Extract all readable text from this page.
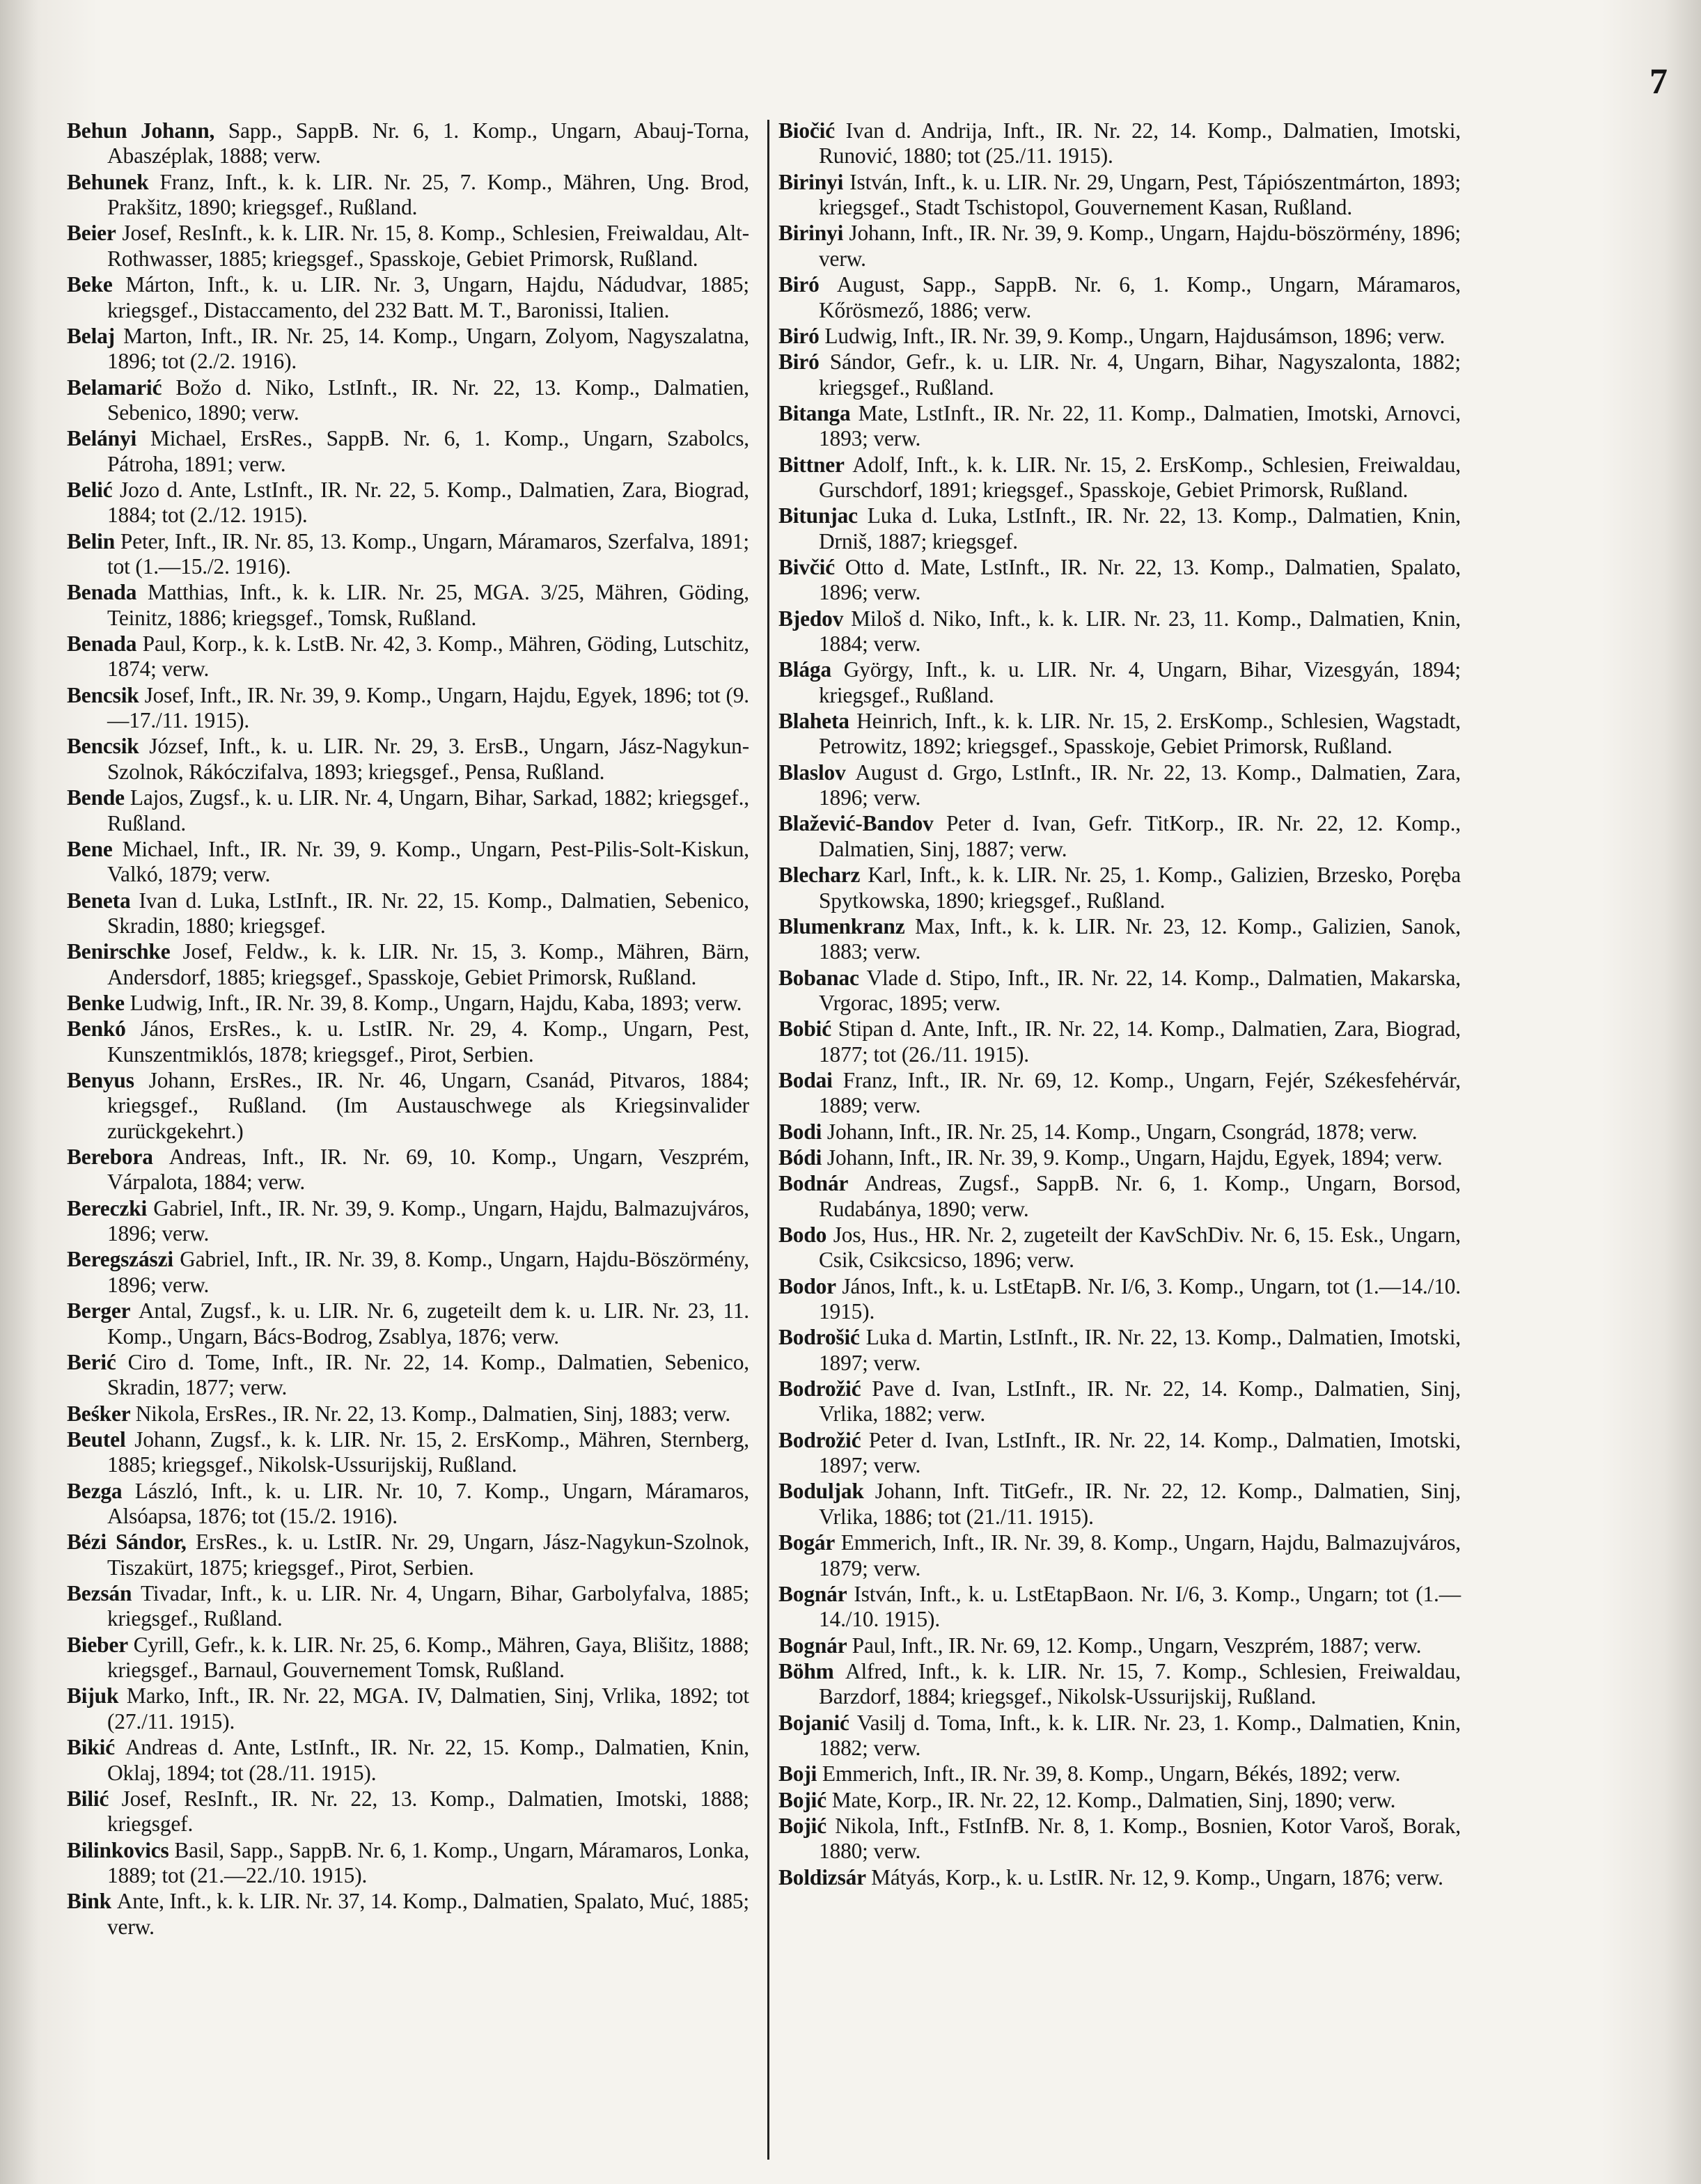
7

Behun Johann, Sapp., SappB. Nr. 6, 1. Komp., Ungarn, Abauj-Torna, Abaszéplak, 1888; verw.

Behunek Franz, Inft., k. k. LIR. Nr. 25, 7. Komp., Mähren, Ung. Brod, Prakšitz, 1890; kriegsgef., Rußland.

Beier Josef, ResInft., k. k. LIR. Nr. 15, 8. Komp., Schlesien, Freiwaldau, Alt-Rothwasser, 1885; kriegsgef., Spasskoje, Gebiet Primorsk, Rußland.

Beke Márton, Inft., k. u. LIR. Nr. 3, Ungarn, Hajdu, Nádudvar, 1885; kriegsgef., Distaccamento, del 232 Batt. M. T., Baronissi, Italien.

Belaj Marton, Inft., IR. Nr. 25, 14. Komp., Ungarn, Zolyom, Nagyszalatna, 1896; tot (2./2. 1916).

Belamarić Božo d. Niko, LstInft., IR. Nr. 22, 13. Komp., Dalmatien, Sebenico, 1890; verw.

Belányi Michael, ErsRes., SappB. Nr. 6, 1. Komp., Ungarn, Szabolcs, Pátroha, 1891; verw.

Belić Jozo d. Ante, LstInft., IR. Nr. 22, 5. Komp., Dalmatien, Zara, Biograd, 1884; tot (2./12. 1915).

Belin Peter, Inft., IR. Nr. 85, 13. Komp., Ungarn, Máramaros, Szerfalva, 1891; tot (1.—15./2. 1916).

Benada Matthias, Inft., k. k. LIR. Nr. 25, MGA. 3/25, Mähren, Göding, Teinitz, 1886; kriegsgef., Tomsk, Rußland.

Benada Paul, Korp., k. k. LstB. Nr. 42, 3. Komp., Mähren, Göding, Lutschitz, 1874; verw.

Bencsik Josef, Inft., IR. Nr. 39, 9. Komp., Ungarn, Hajdu, Egyek, 1896; tot (9.—17./11. 1915).

Bencsik József, Inft., k. u. LIR. Nr. 29, 3. ErsB., Ungarn, Jász-Nagykun-Szolnok, Rákóczifalva, 1893; kriegsgef., Pensa, Rußland.

Bende Lajos, Zugsf., k. u. LIR. Nr. 4, Ungarn, Bihar, Sarkad, 1882; kriegsgef., Rußland.

Bene Michael, Inft., IR. Nr. 39, 9. Komp., Ungarn, Pest-Pilis-Solt-Kiskun, Valkó, 1879; verw.

Beneta Ivan d. Luka, LstInft., IR. Nr. 22, 15. Komp., Dalmatien, Sebenico, Skradin, 1880; kriegsgef.

Benirschke Josef, Feldw., k. k. LIR. Nr. 15, 3. Komp., Mähren, Bärn, Andersdorf, 1885; kriegsgef., Spasskoje, Gebiet Primorsk, Rußland.

Benke Ludwig, Inft., IR. Nr. 39, 8. Komp., Ungarn, Hajdu, Kaba, 1893; verw.

Benkó János, ErsRes., k. u. LstIR. Nr. 29, 4. Komp., Ungarn, Pest, Kunszentmiklós, 1878; kriegsgef., Pirot, Serbien.

Benyus Johann, ErsRes., IR. Nr. 46, Ungarn, Csanád, Pitvaros, 1884; kriegsgef., Rußland. (Im Austauschwege als Kriegsinvalider zurückgekehrt.)

Berebora Andreas, Inft., IR. Nr. 69, 10. Komp., Ungarn, Veszprém, Várpalota, 1884; verw.

Bereczki Gabriel, Inft., IR. Nr. 39, 9. Komp., Ungarn, Hajdu, Balmazujváros, 1896; verw.

Beregszászi Gabriel, Inft., IR. Nr. 39, 8. Komp., Ungarn, Hajdu-Böszörmény, 1896; verw.

Berger Antal, Zugsf., k. u. LIR. Nr. 6, zugeteilt dem k. u. LIR. Nr. 23, 11. Komp., Ungarn, Bács-Bodrog, Zsablya, 1876; verw.

Berić Ciro d. Tome, Inft., IR. Nr. 22, 14. Komp., Dalmatien, Sebenico, Skradin, 1877; verw.

Beśker Nikola, ErsRes., IR. Nr. 22, 13. Komp., Dalmatien, Sinj, 1883; verw.

Beutel Johann, Zugsf., k. k. LIR. Nr. 15, 2. ErsKomp., Mähren, Sternberg, 1885; kriegsgef., Nikolsk-Ussurijskij, Rußland.

Bezga László, Inft., k. u. LIR. Nr. 10, 7. Komp., Ungarn, Máramaros, Alsóapsa, 1876; tot (15./2. 1916).

Bézi Sándor, ErsRes., k. u. LstIR. Nr. 29, Ungarn, Jász-Nagykun-Szolnok, Tiszakürt, 1875; kriegsgef., Pirot, Serbien.

Bezsán Tivadar, Inft., k. u. LIR. Nr. 4, Ungarn, Bihar, Garbolyfalva, 1885; kriegsgef., Rußland.

Bieber Cyrill, Gefr., k. k. LIR. Nr. 25, 6. Komp., Mähren, Gaya, Blišitz, 1888; kriegsgef., Barnaul, Gouvernement Tomsk, Rußland.

Bijuk Marko, Inft., IR. Nr. 22, MGA. IV, Dalmatien, Sinj, Vrlika, 1892; tot (27./11. 1915).

Bikić Andreas d. Ante, LstInft., IR. Nr. 22, 15. Komp., Dalmatien, Knin, Oklaj, 1894; tot (28./11. 1915).

Bilić Josef, ResInft., IR. Nr. 22, 13. Komp., Dalmatien, Imotski, 1888; kriegsgef.

Bilinkovics Basil, Sapp., SappB. Nr. 6, 1. Komp., Ungarn, Máramaros, Lonka, 1889; tot (21.—22./10. 1915).

Bink Ante, Inft., k. k. LIR. Nr. 37, 14. Komp., Dalmatien, Spalato, Muć, 1885; verw.

Biočić Ivan d. Andrija, Inft., IR. Nr. 22, 14. Komp., Dalmatien, Imotski, Runović, 1880; tot (25./11. 1915).

Birinyi István, Inft., k. u. LIR. Nr. 29, Ungarn, Pest, Tápiószentmárton, 1893; kriegsgef., Stadt Tschistopol, Gouvernement Kasan, Rußland.

Birinyi Johann, Inft., IR. Nr. 39, 9. Komp., Ungarn, Hajdu-böszörmény, 1896; verw.

Biró August, Sapp., SappB. Nr. 6, 1. Komp., Ungarn, Máramaros, Kőrösmező, 1886; verw.

Biró Ludwig, Inft., IR. Nr. 39, 9. Komp., Ungarn, Hajdusámson, 1896; verw.

Biró Sándor, Gefr., k. u. LIR. Nr. 4, Ungarn, Bihar, Nagyszalonta, 1882; kriegsgef., Rußland.

Bitanga Mate, LstInft., IR. Nr. 22, 11. Komp., Dalmatien, Imotski, Arnovci, 1893; verw.

Bittner Adolf, Inft., k. k. LIR. Nr. 15, 2. ErsKomp., Schlesien, Freiwaldau, Gurschdorf, 1891; kriegsgef., Spasskoje, Gebiet Primorsk, Rußland.

Bitunjac Luka d. Luka, LstInft., IR. Nr. 22, 13. Komp., Dalmatien, Knin, Drniš, 1887; kriegsgef.

Bivčić Otto d. Mate, LstInft., IR. Nr. 22, 13. Komp., Dalmatien, Spalato, 1896; verw.

Bjedov Miloš d. Niko, Inft., k. k. LIR. Nr. 23, 11. Komp., Dalmatien, Knin, 1884; verw.

Blága György, Inft., k. u. LIR. Nr. 4, Ungarn, Bihar, Vizesgyán, 1894; kriegsgef., Rußland.

Blaheta Heinrich, Inft., k. k. LIR. Nr. 15, 2. ErsKomp., Schlesien, Wagstadt, Petrowitz, 1892; kriegsgef., Spasskoje, Gebiet Primorsk, Rußland.

Blaslov August d. Grgo, LstInft., IR. Nr. 22, 13. Komp., Dalmatien, Zara, 1896; verw.

Blažević-Bandov Peter d. Ivan, Gefr. TitKorp., IR. Nr. 22, 12. Komp., Dalmatien, Sinj, 1887; verw.

Blecharz Karl, Inft., k. k. LIR. Nr. 25, 1. Komp., Galizien, Brzesko, Poręba Spytkowska, 1890; kriegsgef., Rußland.

Blumenkranz Max, Inft., k. k. LIR. Nr. 23, 12. Komp., Galizien, Sanok, 1883; verw.

Bobanac Vlade d. Stipo, Inft., IR. Nr. 22, 14. Komp., Dalmatien, Makarska, Vrgorac, 1895; verw.

Bobić Stipan d. Ante, Inft., IR. Nr. 22, 14. Komp., Dalmatien, Zara, Biograd, 1877; tot (26./11. 1915).

Bodai Franz, Inft., IR. Nr. 69, 12. Komp., Ungarn, Fejér, Székesfehérvár, 1889; verw.

Bodi Johann, Inft., IR. Nr. 25, 14. Komp., Ungarn, Csongrád, 1878; verw.

Bódi Johann, Inft., IR. Nr. 39, 9. Komp., Ungarn, Hajdu, Egyek, 1894; verw.

Bodnár Andreas, Zugsf., SappB. Nr. 6, 1. Komp., Ungarn, Borsod, Rudabánya, 1890; verw.

Bodo Jos, Hus., HR. Nr. 2, zugeteilt der KavSchDiv. Nr. 6, 15. Esk., Ungarn, Csik, Csikcsicso, 1896; verw.

Bodor János, Inft., k. u. LstEtapB. Nr. I/6, 3. Komp., Ungarn, tot (1.—14./10. 1915).

Bodrošić Luka d. Martin, LstInft., IR. Nr. 22, 13. Komp., Dalmatien, Imotski, 1897; verw.

Bodrožić Pave d. Ivan, LstInft., IR. Nr. 22, 14. Komp., Dalmatien, Sinj, Vrlika, 1882; verw.

Bodrožić Peter d. Ivan, LstInft., IR. Nr. 22, 14. Komp., Dalmatien, Imotski, 1897; verw.

Boduljak Johann, Inft. TitGefr., IR. Nr. 22, 12. Komp., Dalmatien, Sinj, Vrlika, 1886; tot (21./11. 1915).

Bogár Emmerich, Inft., IR. Nr. 39, 8. Komp., Ungarn, Hajdu, Balmazujváros, 1879; verw.

Bognár István, Inft., k. u. LstEtapBaon. Nr. I/6, 3. Komp., Ungarn; tot (1.—14./10. 1915).

Bognár Paul, Inft., IR. Nr. 69, 12. Komp., Ungarn, Veszprém, 1887; verw.

Böhm Alfred, Inft., k. k. LIR. Nr. 15, 7. Komp., Schlesien, Freiwaldau, Barzdorf, 1884; kriegsgef., Nikolsk-Ussurijskij, Rußland.

Bojanić Vasilj d. Toma, Inft., k. k. LIR. Nr. 23, 1. Komp., Dalmatien, Knin, 1882; verw.

Boji Emmerich, Inft., IR. Nr. 39, 8. Komp., Ungarn, Békés, 1892; verw.

Bojić Mate, Korp., IR. Nr. 22, 12. Komp., Dalmatien, Sinj, 1890; verw.

Bojić Nikola, Inft., FstInfB. Nr. 8, 1. Komp., Bosnien, Kotor Varoš, Borak, 1880; verw.

Boldizsár Mátyás, Korp., k. u. LstIR. Nr. 12, 9. Komp., Ungarn, 1876; verw.
